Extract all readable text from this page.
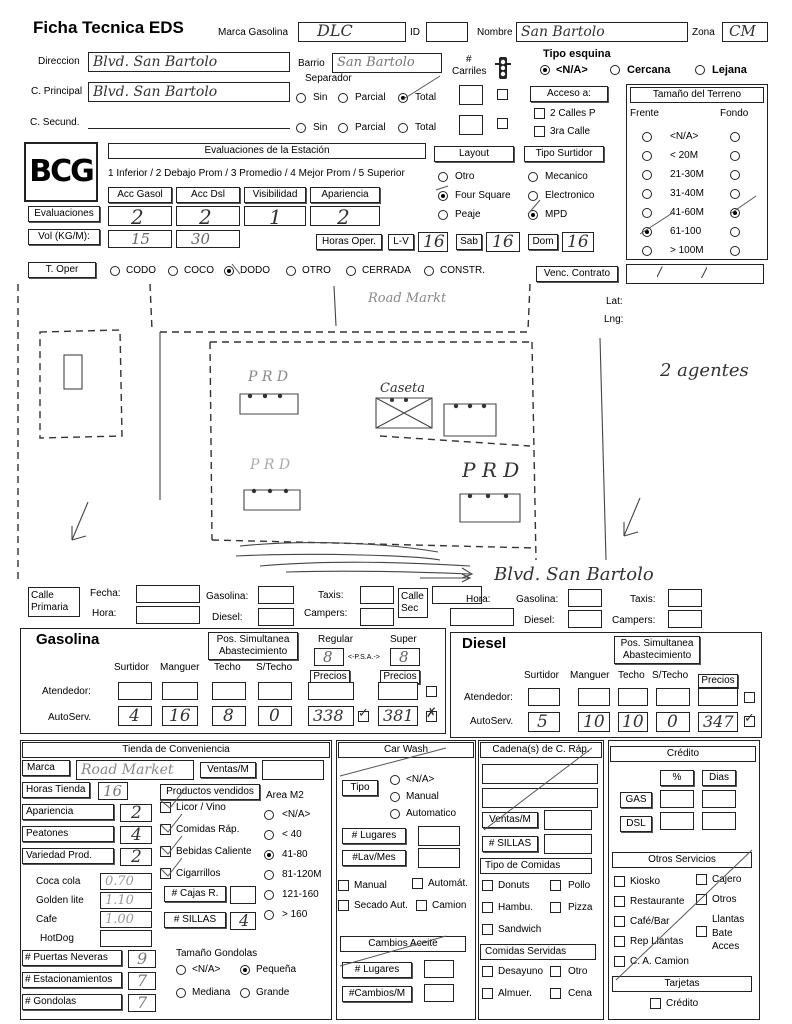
Ficha Tecnica EDS	Marca Gasolina DLC	ID	Nombre San Bartolo	Zona CM
Direccion Blvd. San Bartolo	Barrio San Bartolo
Separador
#
Carriles
Tipo esquina
<N/A>	Cercana	Lejana
C. Principal Blvd. San Bartolo	Sin	Parcial	Total	Acceso a:
2 Calles P
3ra Calle
C. Secund.	Sin	Parcial	Total
Tamaño del Terreno
Frente	Fondo
<N/A>
< 20M
21-30M
31-40M
41-60M
61-100
> 100M
BCG
Evaluaciones de la Estación
1 Inferior / 2 Debajo Prom / 3 Promedio / 4 Mejor Prom / 5 Superior
Acc Gasol	Acc Dsl	Visibilidad	Apariencia
Evaluaciones	2	2	1	2
Vol (KG/M):	15	30
Layout	Tipo Surtidor
Otro
Four Square
Peaje
Mecanico
Electronico
MPD
Horas Oper.	L-V 16	Sab 16	Dom 16
T. Oper	CODO	COCO	DODO	OTRO	CERRADA	CONSTR.	Venc. Contrato	/ /
Lat:
Lng:
Road Markt
2 agentes
P R D
P R D	P R D
Caseta
Blvd. San Bartolo
Calle Primaria
Fecha:
Hora:
Gasolina:
Diesel:
Taxis:
Campers:
Calle Sec
Hora:	Gasolina:
Diesel:
Taxis:
Campers:
Gasolina	Pos. Simultanea Abastecimiento
Regular	Super
8 <-P.S.A.-> 8
Surtidor Manguer Techo S/Techo
Precios	Precios
Atendedor:
AutoServ. 4 16 8 0 338 ✓ 381 ✗
Diesel	Pos. Simultanea Abastecimiento
Surtidor Manguer Techo S/Techo	Precios
Atendedor:
AutoServ. 5 10 10 0 347 ✓
Tienda de Conveniencia
Marca	Road Market	Ventas/M
Horas Tienda	16	Productos vendidos	Area M2
Apariencia	2
Peatones	4
Variedad Prod.	2
Licor / Vino
Comidas Ráp.
Bebidas Caliente
Cigarrillos
<N/A>
< 40
41-80
81-120M
121-160
> 160
Coca cola 0.70
Golden lite 1.10
Cafe	1.00
HotDog
# Cajas R.
# SILLAS	4
# Puertas Neveras	9
# Estacionamientos	7
# Gondolas	7
Tamaño Gondolas
<N/A>	Pequeña
Mediana	Grande
Car Wash
Tipo
<N/A>
Manual
Automatico
# Lugares
#Lav/Mes
Manual	Automát.
Secado Aut. Camion
Cambios Aceite
# Lugares
#Cambios/M
Cadena(s) de C. Ráp.
Ventas/M
# SILLAS
Tipo de Comidas
Donuts	Pollo
Hambu.	Pizza
Sandwich
Comidas Servidas
Desayuno Otro
Almuer.	Cena
Crédito
%	Dias
GAS
DSL
Otros Servicios
Kiosko	Cajero
Restaurante	Otros
Café/Bar	Llantas
Bate
Acces
Rep Llantas
C. A. Camion
Tarjetas
Crédito
